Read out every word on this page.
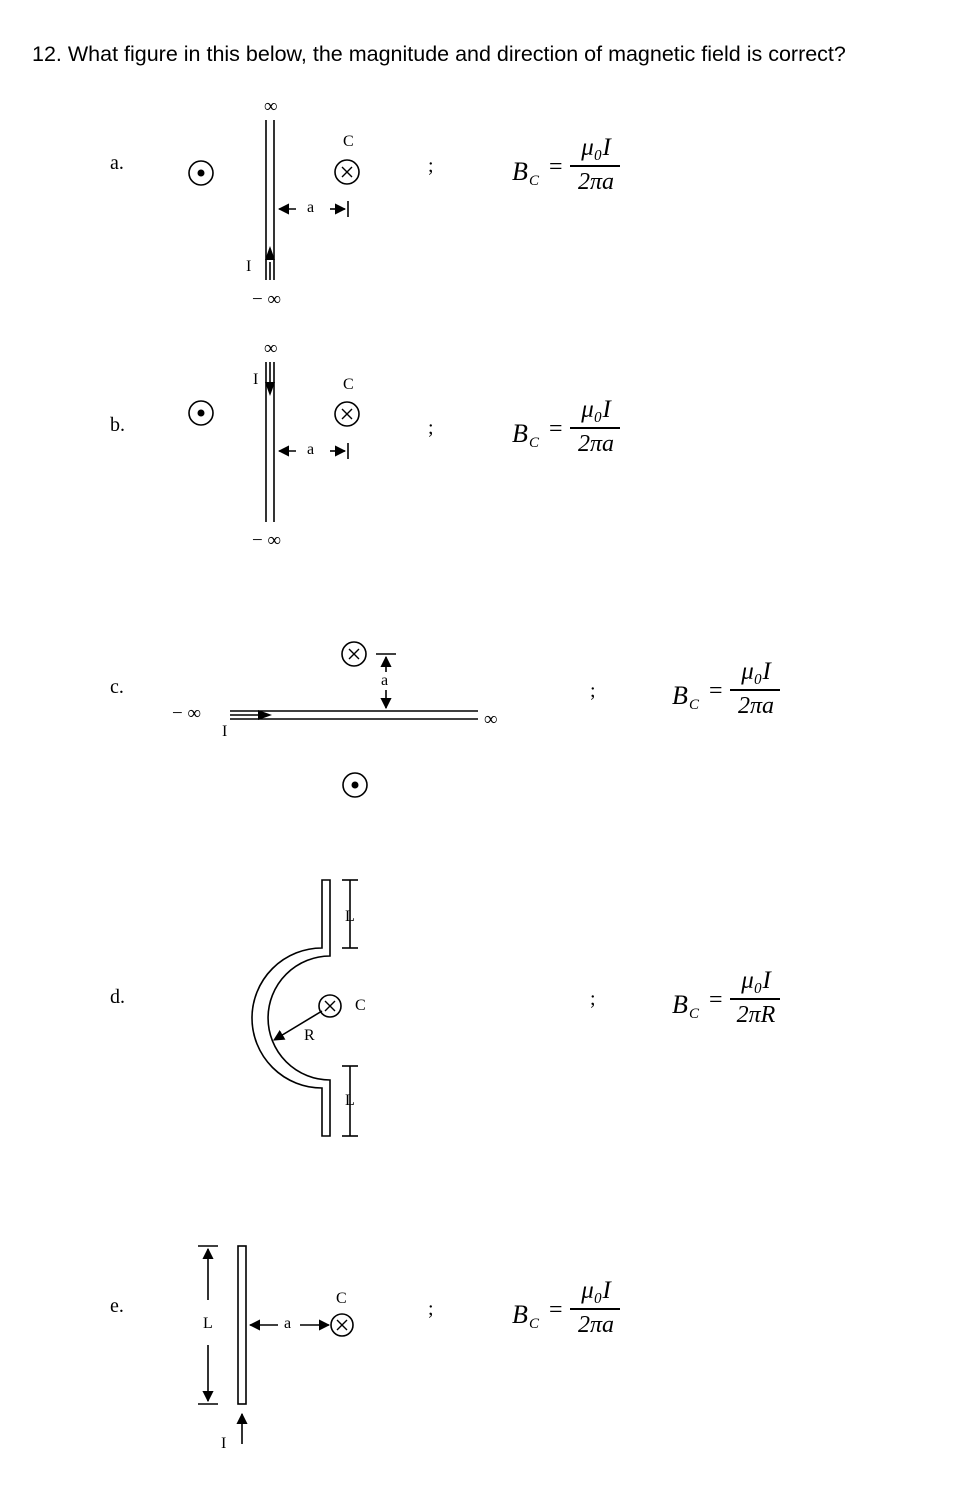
12. What figure in this below, the magnitude and direction of magnetic field is correct?
a.
b.
c.
d.
e.
;
;
;
;
;
B C
=
μ₀I
2πa
B C
=
μ₀I
2πa
B C
=
μ₀I
2πa
B C
=
μ₀I
2πR
B C
=
μ₀I
2πa
∞
− ∞
C
a
I
∞
− ∞
C
a
I
− ∞	∞
I
a
L
L
C
R
L	a
C
I
